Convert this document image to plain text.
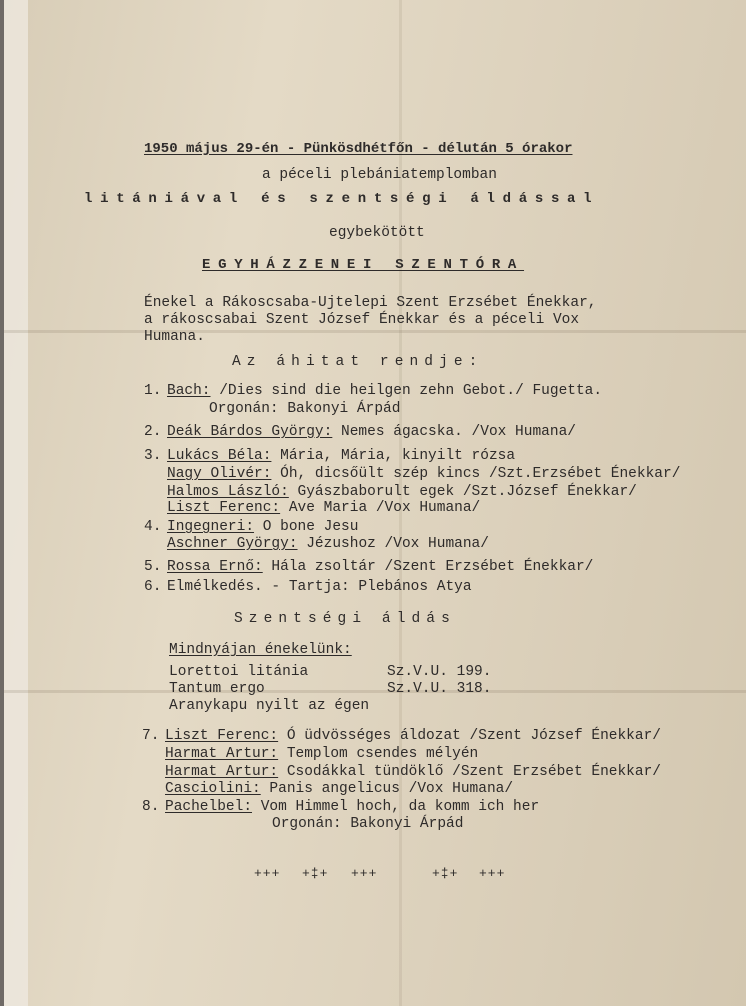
1950 május 29-én - Pünkösdhétfőn - délután 5 órakor
a péceli plebániatemplomban
litániával és szentségi áldással
egybekötött
EGYHÁZZENEI SZENTÓRA
Énekel a Rákoscsaba-Ujtelepi Szent Erzsébet Énekkar,
a rákoscsabai Szent József Énekkar és a péceli Vox
Humana.
Az áhitat rendje:
1. Bach: /Dies sind die heilgen zehn Gebot./ Fugetta.
Orgonán: Bakonyi Árpád
2. Deák Bárdos György: Nemes ágacska. /Vox Humana/
3. Lukács Béla: Mária, Mária, kinyilt rózsa
Nagy Olivér: Óh, dicsőült szép kincs /Szt.Erzsébet Énekkar/
Halmos László: Gyászbaborult egek /Szt.József Énekkar/
Liszt Ferenc: Ave Maria /Vox Humana/
4. Ingegneri: O bone Jesu
Aschner György: Jézushoz /Vox Humana/
5. Rossa Ernő: Hála zsoltár /Szent Erzsébet Énekkar/
6. Elmélkedés. - Tartja: Plebános Atya
Szentségi áldás
Mindnyájan énekelünk:
Lorettoi litánia	Sz.V.U. 199.
Tantum ergo	Sz.V.U. 318.
Aranykapu nyilt az égen
7. Liszt Ferenc: Ó üdvösséges áldozat /Szent József Énekkar/
Harmat Artur: Templom csendes mélyén
Harmat Artur: Csodákkal tündöklő /Szent Erzsébet Énekkar/
Casciolini: Panis angelicus /Vox Humana/
8. Pachelbel: Vom Himmel hoch, da komm ich her
Orgonán: Bakonyi Árpád
+++ +‡+ +++	+‡+ +++
